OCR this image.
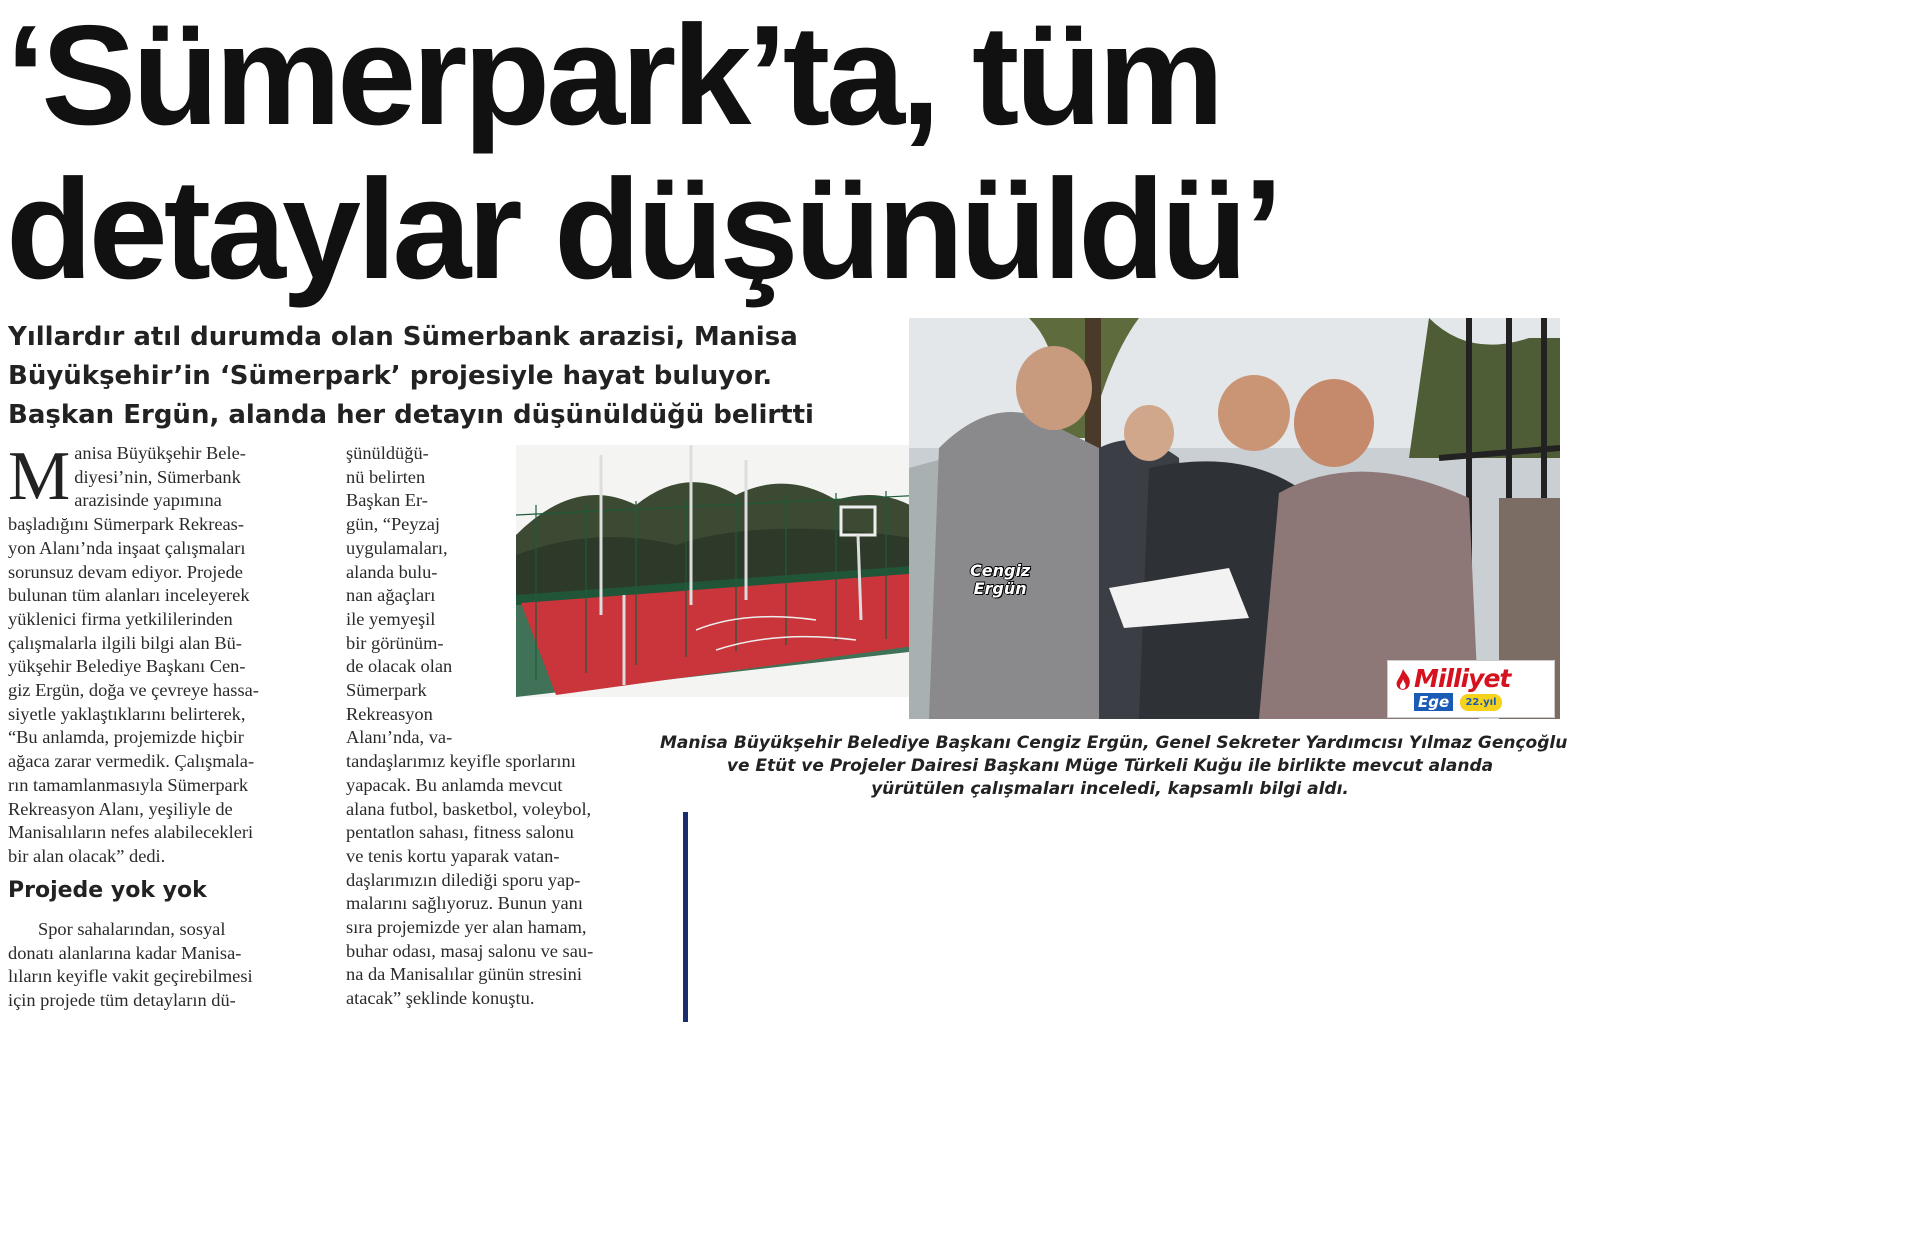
‘Sümerpark’ta, tüm
detaylar düşünüldü’
Yıllardır atıl durumda olan Sümerbank arazisi, Manisa
Büyükşehir’in ‘Sümerpark’ projesiyle hayat buluyor.
Başkan Ergün, alanda her detayın düşünüldüğü belirtti
M anisa Büyükşehir Bele-
diyesi’nin, Sümerbank
arazisinde yapımına
başladığını Sümerpark Rekreas-
yon Alanı’nda inşaat çalışmaları
sorunsuz devam ediyor. Projede
bulunan tüm alanları inceleyerek
yüklenici firma yetkililerinden
çalışmalarla ilgili bilgi alan Bü-
yükşehir Belediye Başkanı Cen-
giz Ergün, doğa ve çevreye hassa-
siyetle yaklaştıklarını belirterek,
“Bu anlamda, projemizde hiçbir
ağaca zarar vermedik. Çalışmala-
rın tamamlanmasıyla Sümerpark
Rekreasyon Alanı, yeşiliyle de
Manisalıların nefes alabilecekleri
bir alan olacak” dedi.
Projede yok yok
Spor sahalarından, sosyal
donatı alanlarına kadar Manisa-
lıların keyifle vakit geçirebilmesi
için projede tüm detayların dü-
şünüldüğü-
nü belirten
Başkan Er-
gün, “Peyzaj
uygulamaları,
alanda bulu-
nan ağaçları
ile yemyeşil
bir görünüm-
de olacak olan
Sümerpark
Rekreasyon
Alanı’nda, va-
tandaşlarımız keyifle sporlarını
yapacak. Bu anlamda mevcut
alana futbol, basketbol, voleybol,
pentatlon sahası, fitness salonu
ve tenis kortu yaparak vatan-
daşlarımızın dilediği sporu yap-
malarını sağlıyoruz. Bunun yanı
sıra projemizde yer alan hamam,
buhar odası, masaj salonu ve sau-
na da Manisalılar günün stresini
atacak” şeklinde konuştu.
Cengiz
Ergün
Milliyet
Ege	22.yıl
Manisa Büyükşehir Belediye Başkanı Cengiz Ergün, Genel Sekreter Yardımcısı Yılmaz Gençoğlu
ve Etüt ve Projeler Dairesi Başkanı Müge Türkeli Kuğu ile birlikte mevcut alanda
yürütülen çalışmaları inceledi, kapsamlı bilgi aldı.
